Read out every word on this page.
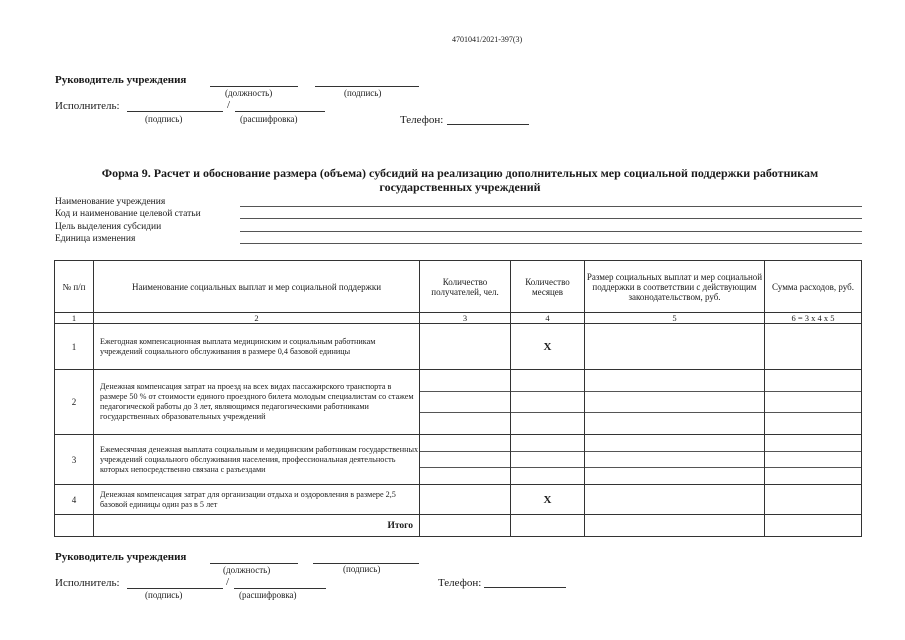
4701041/2021-397(3)
Руководитель учреждения
(должность)	(подпись)
Исполнитель:	/
(подпись)	(расшифровка)	Телефон:
Форма 9. Расчет и обоснование размера (объема) субсидий на реализацию дополнительных мер социальной поддержки работникам государственных учреждений
Наименование учреждения
Код и наименование целевой статьи
Цель выделения субсидии
Единица изменения
№ п/п	Наименование социальных выплат и мер социальной поддержки	Количество получателей, чел.	Количество месяцев	Размер социальных выплат и мер социальной поддержки в соответствии с действующим законодательством, руб.	Сумма расходов, руб.
1	2	3	4	5	6 = 3 x 4 x 5
1	Ежегодная компенсационная выплата медицинским и социальным работникам учреждений социального обслуживания в размере 0,4 базовой единицы		X		
2	Денежная компенсация затрат на проезд на всех видах пассажирского транспорта в размере 50 % от стоимости единого проездного билета молодым специалистам со стажем педагогической работы до 3 лет, являющимся педагогическими работниками государственных образовательных учреждений	

3	Ежемесячная денежная выплата социальным и медицинским работникам государственных учреждений социального обслуживания населения, профессиональная деятельность которых непосредственно связана с разъездами	

4	Денежная компенсация затрат для организации отдыха и оздоровления в размере 2,5 базовой единицы один раз в 5 лет		X		
	Итого				
Руководитель учреждения
(должность)	(подпись)
Исполнитель:	/
(подпись)	(расшифровка)
Телефон:
